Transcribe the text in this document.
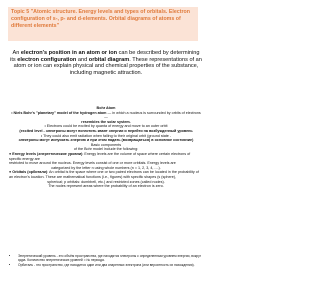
Topic 5 "Atomic structure. Energy levels and types of orbitals. Electron configuration of s-, p- and d-elements. Orbital diagrams of atoms of different elements"
An electron's position in an atom or ion can be described by determining its electron configuration and orbital diagram. These representations of an atom or ion can explain physical and chemical properties of the substance, including magnetic attraction.
Bohr Atom
• Niels Bohr's "planetary" model of the hydrogen atom — in which a nucleus is surrounded by orbits of electrons —
resembles the solar system.
• Electrons could be excited by quanta of energy and move to an outer orbit
(excited level - электроны могут поглотить квант энергии и перейти на возбужденный уровень
• They could also emit radiation when falling to their original orbit (ground state -
электроны могут испускать энергию и при этом падать (возвращаться) в основное состояние)
Basic components
of the Bohr model include the following:
● Energy levels (энергетические уровни): Energy levels are the volume of space where certain electrons of specific energy are
restricted to move around the nucleus. Energy levels consist of one or more orbitals. Energy levels are
categorized by the letter n using whole numbers (n = 1, 2, 3, 4, ....).
● Orbitals (орбитали): An orbital is the space where one or two paired electrons can be located in the probability of
an electron's location. These are mathematical functions (i.e., figures) with specific shapes (s (sphere),
spherical; p orbitals: dumbbell, etc.) and restricted zones (called nodes).
The nodes represent areas where the probability of an electron is zero.
• Энергетический уровень - это объём пространства, где находятся электроны с определенным уровнем энергии, вокруг ядра. Количество энергетических уровней = № периода.
• Орбиталь - это пространство, где находится один или два спаренных электрона (или вероятность их нахождения).
